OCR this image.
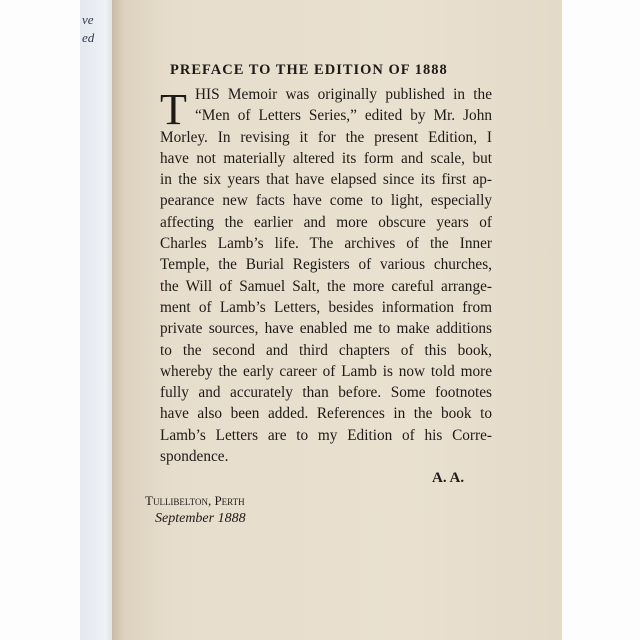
ve
ed
PREFACE TO THE EDITION OF 1888
T HIS Memoir was originally published in the
“Men of Letters Series,” edited by Mr. John
Morley. In revising it for the present Edition, I
have not materially altered its form and scale, but
in the six years that have elapsed since its first ap-
pearance new facts have come to light, especially
affecting the earlier and more obscure years of
Charles Lamb’s life. The archives of the Inner
Temple, the Burial Registers of various churches,
the Will of Samuel Salt, the more careful arrange-
ment of Lamb’s Letters, besides information from
private sources, have enabled me to make additions
to the second and third chapters of this book,
whereby the early career of Lamb is now told more
fully and accurately than before. Some footnotes
have also been added. References in the book to
Lamb’s Letters are to my Edition of his Corre-
spondence.
A. A.
Tullibelton, Perth
September 1888
